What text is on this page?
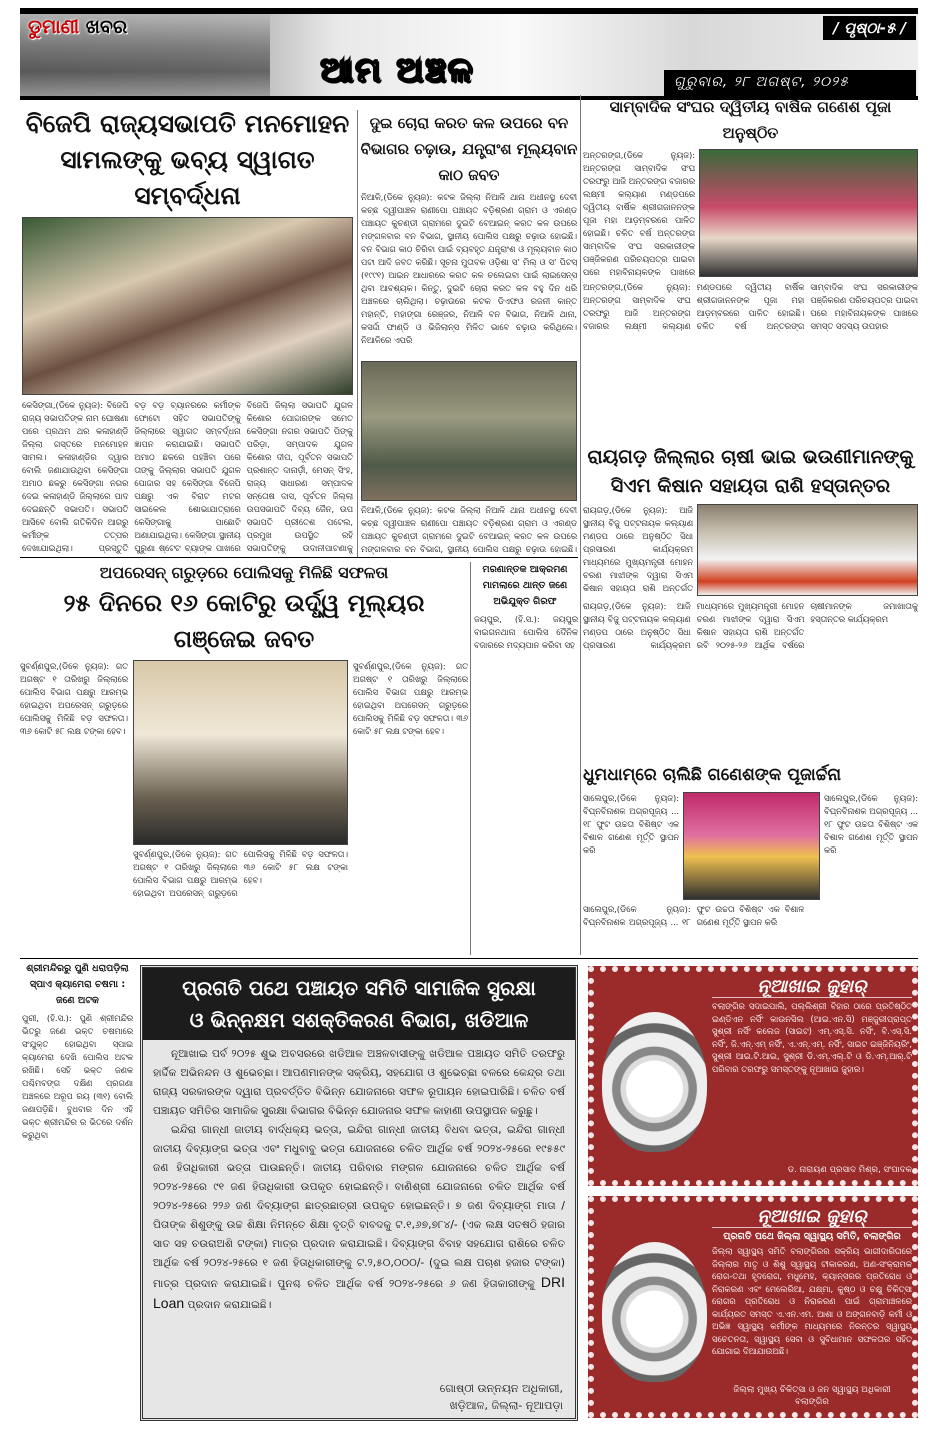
ଡୁମାଣୀ ଖବର
ଆମ ଅଞ୍ଚଳ
/ ପୃଷ୍ଠା-୫ /
ଗୁରୁବାର, ୨୮ ଅଗଷ୍ଟ, ୨୦୨୫
ବିଜେପି ରାଜ୍ୟସଭାପତି ମନମୋହନ ସାମଲଙ୍କୁ ଭବ୍ୟ ସ୍ୱାଗତ ସମ୍ବର୍ଦ୍ଧନା
କେସିଙ୍ଗା,(ଡିକେ ନ୍ୟୁଜ): ବିଜେପି ରାଜ୍ୟ ସଭାପତିଙ୍କ ନାମ ଘୋଷଣା ପରେ ପ୍ରଥମ ଥର କଳାହାଣ୍ଡି ଜିଲ୍ଲା ଗସ୍ତରେ ମନମୋହନ ସାମଲ। କଳାହାଣ୍ଡିର ଦ୍ୱାର ବୋଲି ଜଣାଯାଉଥିବା କେସିଙ୍ଗା ଅମାଠ ଛକରୁ କେସିଙ୍ଗା ନଗର ଦେଇ କଳାହାଣ୍ଡି ଜିଲ୍ଲାରେ ପାଦ ଦେଇଛନ୍ତି ସଭାପତି। ସଭାପତି ଆସିବେ ବୋଲି ଗତିକିଦିନ ଆଗରୁ କର୍ମୀଙ୍କ ତତ୍ପର ଦେଖାଯାଇଥିଲା। ପ୍ରସ୍ତୁତି ବଡ଼ ବଡ଼ ବ୍ୟାନରରେ କର୍ମୀଙ୍କ ଫୋଟୋ ସହିତ ସଭାପତିଙ୍କୁ ଜିଲ୍ଲାରେ ସ୍ୱାଗତ ସମ୍ବର୍ଦ୍ଧନା ଜ୍ଞାପନ କରାଯାଇଛି। ସଭାପତି ଅମାଠ ଛକରେ ପହଞ୍ଚିବା ପରେ ତାଙ୍କୁ ଜିଲ୍ଲାର ସଭାପତି ଯୁଗଳ ପୋଦ୍ଦାର ସହ କେସିଙ୍ଗା ବିଜେପି ପକ୍ଷରୁ ଏକ ବିରାଟ ମଟର ସାଇକେଲ ଶୋଭାଯାତ୍ରାରେ କେସିଙ୍ଗାକୁ ପାଛୋଟି ଅଣାଯାଇଥିଲା। କେସିଙ୍ଗା ସ୍ଥାନୀୟ ପୁରୁଣା ଷ୍ଟେଟ ବ୍ୟାଙ୍କ ପାଖରେ ବିଜେପି ଜିଲ୍ଲା ସଭାପତି ଯୁଗଳ କିଶୋର ପୋଦ୍ଦାରଙ୍କ ସମେତ କେସିଙ୍ଗା ନଗର ସଭାପତି ପିଙ୍କୁ ପରିଡ଼ା, ସମ୍ପାଦକ ଯୁଗଳ କିଶୋର ଦୀପ, ପୂର୍ବତନ ସଭାପତି ପ୍ରଶାନ୍ତ ଦାନାର୍ଡ଼ୀ, ମେସନ୍ ସିଂହ, ରାଜ୍ୟ ସାଧାରଣ ସମ୍ପାଦକ ସନ୍ତୋଷ ଦାସ, ପୂର୍ବତନ ଜିଲ୍ଲା ଉପସଭାପତି ଦିବ୍ୟ ଜୈନ, ଉପ ସଭାପତି ପ୍ରୀତେଶ ପଟେଲ, ପ୍ରମୁଖ ଉପସ୍ଥିତ ରହି ସଭାପତିଙ୍କୁ ଉଦାନୀପାଟଣାକୁ
ଦୁଇ ଚୋରା କରତ କଳ ଉପରେ ବନ ବିଭାଗର ଚଢ଼ାଉ, ଯନ୍ତ୍ରାଂଶ ମୂଲ୍ୟବାନ କାଠ ଜବତ
ନିଆଳି,(ଡିକେ ନ୍ୟୁଜ): କଟକ ଜିଲ୍ଲା ନିଆଳି ଥାନା ଅଧୀନସ୍ଥ ଦେବୀ କଚ୍ଛ ଦ୍ୱୀପାଞ୍ଚଳ ରାଣୀପୋ ପଞ୍ଚାୟତ ବଡ଼ିଶ୍ରଣ ଗ୍ରାମ ଓ ଏରଣ୍ଡ ପଞ୍ଚାୟତ କୁଚଣ୍ଡୀ ଗ୍ରାମରେ ଦୁଇଟି ବେଆଇନ୍ କରତ କଳ ଉପରେ ମଙ୍ଗଳବାର ବନ ବିଭାଗ, ସ୍ଥାନୀୟ ପୋଲିସ ପକ୍ଷରୁ ଚଢ଼ାଉ ହୋଇଛି। ବନ ବିଭାଗ କାଠ ଚିରିବା ପାଇଁ ବ୍ୟବହୃତ ଯନ୍ତ୍ରାଂଶ ଓ ମୂଲ୍ୟବାନ କାଠ ପଟା ଆଦି ଜବତ କରିଛି। ସୂଚନା ମୁତାବକ ଓଡ଼ିଶା ସ’ ମିଲ୍ ଓ ସ’ ପିଟସ୍ (୧୯୯୧) ଆଇନ ଆଧାରରେ କରତ କଳ ଚଲେଇବା ପାଇଁ ଲାଇସେନ୍ସ ଥିବା ଆବଶ୍ୟକ। କିନ୍ତୁ, ଦୁଇଟି ଚୋରା କରତ କଳ ବହୁ ଦିନ ଧରି ଅଞ୍ଚଳରେ ଚାଲିଥିଲା। ଚଢ଼ାଉରେ କଟକ ଡିଏଫଓ ରଜନୀ କାନ୍ତ ମହାନ୍ତି, ମହାଙ୍ଗା ରେଞ୍ଜର, ନିଆଳି ବନ ବିଭାଗ, ନିଆଳି ଥାନା, କସର୍ଦ୍ଦା ଫାଣ୍ଡି ଓ ଭିଜିଲାନ୍ସ ମିଳିତ ଭାବେ ଚଢ଼ାଉ କରିଥିଲେ। ନିଆଳିରେ ଏପରି
ନିଆଳି,(ଡିକେ ନ୍ୟୁଜ): କଟକ ଜିଲ୍ଲା ନିଆଳି ଥାନା ଅଧୀନସ୍ଥ ଦେବୀ କଚ୍ଛ ଦ୍ୱୀପାଞ୍ଚଳ ରାଣୀପୋ ପଞ୍ଚାୟତ ବଡ଼ିଶ୍ରଣ ଗ୍ରାମ ଓ ଏରଣ୍ଡ ପଞ୍ଚାୟତ କୁଚଣ୍ଡୀ ଗ୍ରାମରେ ଦୁଇଟି ବେଆଇନ୍ କରତ କଳ ଉପରେ ମଙ୍ଗଳବାର ବନ ବିଭାଗ, ସ୍ଥାନୀୟ ପୋଲିସ ପକ୍ଷରୁ ଚଢ଼ାଉ ହୋଇଛି।
ସାମ୍ବାଦିକ ସଂଘର ଦ୍ୱିତୀୟ ବାର୍ଷିକ ଗଣେଶ ପୂଜା ଅନୁଷ୍ଠିତ
ଅନ୍ତରଙ୍ଗ,(ଡିକେ ନ୍ୟୁଜ): ଅନ୍ତରଙ୍ଗ ସାମ୍ବାଦିକ ସଂଘ ତରଫରୁ ଆଜି ଅନ୍ତରଙ୍ଗ ବଜାରର ଲକ୍ଷ୍ମୀ କଲ୍ୟାଣ ମଣ୍ଡପରେ ଦ୍ୱିତୀୟ ବାର୍ଷିକ ଶ୍ରୀଗଜାନନଙ୍କ ପୂଜା ମହା ଆଡ଼ମ୍ବରରେ ପାଳିତ ହୋଇଛି। ଚଳିତ ବର୍ଷ ଅନ୍ତରଙ୍ଗ ସାମ୍ବାଦିକ ସଂଘ ସରକାରୀଙ୍କ ପଞ୍ଜିକରଣ ପରିଚୟପତ୍ର ପାଇବା ପରେ ମହାବିନାୟକଙ୍କ ପାଖରେ
ଅନ୍ତରଙ୍ଗ,(ଡିକେ ନ୍ୟୁଜ): ଅନ୍ତରଙ୍ଗ ସାମ୍ବାଦିକ ସଂଘ ତରଫରୁ ଆଜି ଅନ୍ତରଙ୍ଗ ବଜାରର ଲକ୍ଷ୍ମୀ କଲ୍ୟାଣ ମଣ୍ଡପରେ ଦ୍ୱିତୀୟ ବାର୍ଷିକ ଶ୍ରୀଗଜାନନଙ୍କ ପୂଜା ମହା ଆଡ଼ମ୍ବରରେ ପାଳିତ ହୋଇଛି। ଚଳିତ ବର୍ଷ ଅନ୍ତରଙ୍ଗ ସାମ୍ବାଦିକ ସଂଘ ସରକାରୀଙ୍କ ପଞ୍ଜିକରଣ ପରିଚୟପତ୍ର ପାଇବା ପରେ ମହାବିନାୟକଙ୍କ ପାଖରେ ସମସ୍ତ ସଦସ୍ୟ ଉପହାର
ରାୟଗଡ଼ ଜିଲ୍ଲାର ଚାଷୀ ଭାଇ ଭଉଣୀମାନଙ୍କୁ ସିଏମ କିଷାନ ସହାୟତା ରାଶି ହସ୍ତାନ୍ତର
ରାୟଗଡ଼,(ଡିକେ ନ୍ୟୁଜ): ଆଜି ସ୍ଥାନୀୟ ବିଜୁ ପଟ୍ଟନାୟକ କଲ୍ୟାଣ ମଣ୍ଡପ ଠାରେ ଅନୁଷ୍ଠିତ ସିଧା ପ୍ରସାରଣ କାର୍ଯ୍ୟକ୍ରମ ମାଧ୍ୟମରେ ମୁଖ୍ୟମନ୍ତ୍ରୀ ମୋହନ ଚରଣ ମାଝୀଙ୍କ ଦ୍ୱାରା ସିଏମ କିଷାନ ସହାୟତା ରାଶି ଅନ୍ତର୍ଗତ
ରାୟଗଡ଼,(ଡିକେ ନ୍ୟୁଜ): ଆଜି ସ୍ଥାନୀୟ ବିଜୁ ପଟ୍ଟନାୟକ କଲ୍ୟାଣ ମଣ୍ଡପ ଠାରେ ଅନୁଷ୍ଠିତ ସିଧା ପ୍ରସାରଣ କାର୍ଯ୍ୟକ୍ରମ ମାଧ୍ୟମରେ ମୁଖ୍ୟମନ୍ତ୍ରୀ ମୋହନ ଚରଣ ମାଝୀଙ୍କ ଦ୍ୱାରା ସିଏମ କିଷାନ ସହାୟତା ରାଶି ଅନ୍ତର୍ଗତ ରବି ୨୦୨୫-୨୬ ଆର୍ଥିକ ବର୍ଷରେ ଚାଷୀମାନଙ୍କ ଜମାଖାତାକୁ ହସ୍ତାନ୍ତର କାର୍ଯ୍ୟକ୍ରମ
ଧୁମଧାମ୍‌ରେ ଚାଲିଛି ଗଣେଶଙ୍କ ପୂଜାର୍ଚ୍ଚନା
ସାଲେପୁର,(ଡିକେ ନ୍ୟୁଜ): ବିଘ୍ନବିନାଶକ ଅଗ୍ରପୂଜ୍ୟ ... ୧୮ ଫୁଟ ଉଚ୍ଚତା ବିଶିଷ୍ଟ ଏକ ବିଶାଳ ଗଣେଶ ମୂର୍ତ୍ତି ସ୍ଥାପନ କରି
ସାଲେପୁର,(ଡିକେ ନ୍ୟୁଜ): ବିଘ୍ନବିନାଶକ ଅଗ୍ରପୂଜ୍ୟ ... ୧୮ ଫୁଟ ଉଚ୍ଚତା ବିଶିଷ୍ଟ ଏକ ବିଶାଳ ଗଣେଶ ମୂର୍ତ୍ତି ସ୍ଥାପନ କରି
ସାଲେପୁର,(ଡିକେ ନ୍ୟୁଜ): ବିଘ୍ନବିନାଶକ ଅଗ୍ରପୂଜ୍ୟ ... ୧୮ ଫୁଟ ଉଚ୍ଚତା ବିଶିଷ୍ଟ ଏକ ବିଶାଳ ଗଣେଶ ମୂର୍ତ୍ତି ସ୍ଥାପନ କରି
ଅପରେସନ୍ ଗରୁଡ଼ରେ ପୋଲିସକୁ ମିଳିଛି ସଫଳତା
୨୫ ଦିନରେ ୧୬ କୋଟିରୁ ଉର୍ଦ୍ଧ୍ୱ ମୂଲ୍ୟର ଗଞ୍ଜେଇ ଜବତ
ସୁବର୍ଣ୍ଣପୁର,(ଡିକେ ନ୍ୟୁଜ): ଗତ ଅଗଷ୍ଟ ୧ ତାରିଖରୁ ଜିଲ୍ଲାରେ ପୋଲିସ ବିଭାଗ ପକ୍ଷରୁ ଆରମ୍ଭ ହୋଇଥିବା ଅପରେସନ୍ ଗରୁଡ଼ରେ ପୋଲିସକୁ ମିଳିଛି ବଡ଼ ସଫଳତା। ୩୬ କୋଟି ୫୮ ଲକ୍ଷ ଟଙ୍କା ହେବ।
ସୁବର୍ଣ୍ଣପୁର,(ଡିକେ ନ୍ୟୁଜ): ଗତ ଅଗଷ୍ଟ ୧ ତାରିଖରୁ ଜିଲ୍ଲାରେ ପୋଲିସ ବିଭାଗ ପକ୍ଷରୁ ଆରମ୍ଭ ହୋଇଥିବା ଅପରେସନ୍ ଗରୁଡ଼ରେ ପୋଲିସକୁ ମିଳିଛି ବଡ଼ ସଫଳତା। ୩୬ କୋଟି ୫୮ ଲକ୍ଷ ଟଙ୍କା ହେବ।
ସୁବର୍ଣ୍ଣପୁର,(ଡିକେ ନ୍ୟୁଜ): ଗତ ଅଗଷ୍ଟ ୧ ତାରିଖରୁ ଜିଲ୍ଲାରେ ପୋଲିସ ବିଭାଗ ପକ୍ଷରୁ ଆରମ୍ଭ ହୋଇଥିବା ଅପରେସନ୍ ଗରୁଡ଼ରେ ପୋଲିସକୁ ମିଳିଛି ବଡ଼ ସଫଳତା। ୩୬ କୋଟି ୫୮ ଲକ୍ଷ ଟଙ୍କା ହେବ।
ମରଣାନ୍ତକ ଆକ୍ରମଣ ମାମଲାରେ ଥାନ୍ତ ଜଣେ ଅଭିଯୁକ୍ତ ଗିରଫ
ଜୟପୁର, (ହି.ସ.): ଜୟପୁର ବାଇଗନଥାନା ପୋଲିସ ଦୈନିକ ବଜାରରେ ମଦ୍ୟପାନ କରିବା ସହ
ଶ୍ରୀମନ୍ଦିରରୁ ପୁଣି ଧରାପଡ଼ିଲା ସ୍ପାଏ କ୍ୟାମେରା ଚଷମା : ଜଣେ ଅଟକ
ପୁରୀ, (ହି.ସ.): ପୁଣି ଶ୍ରୀମନ୍ଦିର ଭିତରୁ ଜଣେ ଭକ୍ତ ଚଷମାରେ ସଂଯୁକ୍ତ ହୋଇଥିବା ସ୍ପାଇ କ୍ୟାମେରା ଦେଖି ପୋଲିସ ଅଟକ ରଖିଛି। ସେହି ଭକ୍ତ ଜଣକ ପଶ୍ଚିମବଙ୍ଗ ଦକ୍ଷିଣ ପ୍ରଗଣା ଅଞ୍ଚଳରେ ଅରୂପ ରୟ (୩୧) ବୋଲି ଜଣାପଡ଼ିଛି। ବୁଧବାର ଦିନ ଏହି ଭକ୍ତ ଶ୍ରୀମନ୍ଦିର ର ଭିତରେ ଦର୍ଶନ କରୁଥିବା
ପ୍ରଗତି ପଥେ ପଞ୍ଚାୟତ ସମିତି ସାମାଜିକ ସୁରକ୍ଷା
ଓ ଭିନ୍ନକ୍ଷମ ସଶକ୍ତିକରଣ ବିଭାଗ, ଖଡିଆଳ

ନୂଆଖାଇ ପର୍ବ ୨୦୨୫ ଶୁଭ ଅବସରରେ ଖଡିଆଳ ଅଞ୍ଚଳବାସୀଙ୍କୁ ଖଡିଆଳ ପଞ୍ଚାୟତ ସମିତି ତରଫରୁ ହାର୍ଦ୍ଦିକ ଅଭିନନ୍ଦନ ଓ ଶୁଭେଚ୍ଛା। ଆପଣମାନଙ୍କ ସକ୍ରିୟ, ସହଯୋଗ ଓ ଶୁଭେଚ୍ଛା ବଳରେ କେନ୍ଦ୍ର ତଥା ରାଜ୍ୟ ସରକାରଙ୍କ ଦ୍ୱାରା ପ୍ରବର୍ତ୍ତିତ ବିଭିନ୍ନ ଯୋଜନାରେ ସଫଳ ରୂପାୟନ ହୋଇପାରିଛି। ଚଳିତ ବର୍ଷ ପଞ୍ଚାୟତ ସମିତିର ସାମାଜିକ ସୁରକ୍ଷା ବିଭାଗର ବିଭିନ୍ନ ଯୋଜନାର ସଫଳ କାହାଣୀ ଉପସ୍ଥାପନ କରୁଛୁ।

ଇନ୍ଦିରା ଗାନ୍ଧୀ ଜାତୀୟ ବାର୍ଦ୍ଧକ୍ୟ ଭତ୍ତା, ଇନ୍ଦିରା ଗାନ୍ଧୀ ଜାତୀୟ ବିଧବା ଭତ୍ତା, ଇନ୍ଦିରା ଗାନ୍ଧୀ ଜାତୀୟ ଦିବ୍ୟାଙ୍ଗ ଭତ୍ତା ଏବଂ ମଧୁବାବୁ ଭତ୍ତା ଯୋଜନାରେ ଚଳିତ ଆର୍ଥିକ ବର୍ଷ ୨୦୨୪-୨୫ରେ ୧୯୫୫୯ ଜଣ ହିତାଧିକାରୀ ଭତ୍ତା ପାଉଛନ୍ତି। ଜାତୀୟ ପରିବାର ମଙ୍ଗଳ ଯୋଜନାରେ ଚଳିତ ଆର୍ଥିକ ବର୍ଷ ୨୦୨୪-୨୫ରେ ୯୧ ଜଣ ହିତାଧିକାରୀ ଉପକୃତ ହୋଇଛନ୍ତି। ବାଣିଶ୍ରୀ ଯୋଜନାରେ ଚଳିତ ଆର୍ଥିକ ବର୍ଷ ୨୦୨୪-୨୫ରେ ୨୨୬ ଜଣ ଦିବ୍ୟାଙ୍ଗ ଛାତ୍ରଛାତ୍ରୀ ଉପକୃତ ହୋଇଛନ୍ତି। ୭ ଜଣ ଦିବ୍ୟାଙ୍ଗ ମାତା / ପିତାଙ୍କ ଶିଶୁଙ୍କୁ ଉଚ୍ଚ ଶିକ୍ଷା ନିମନ୍ତେ ଶିକ୍ଷା ବୃତ୍ତି ବାବଦକୁ ଟ.୧,୬୭,୭୮୪/- (ଏକ ଲକ୍ଷ ସତଷଠି ହଜାର ସାତ ସହ ଚଉରାଅଶି ଟଙ୍କା) ମାତ୍ର ପ୍ରଦାନ କରାଯାଇଛି। ଦିବ୍ୟାଙ୍ଗ ବିବାହ ସହଯୋଗ ରାଶିରେ ଚଳିତ ଆର୍ଥିକ ବର୍ଷ ୨୦୨୪-୨୫ରେ ୧ ଜଣ ହିତାଧିକାରୀଙ୍କୁ ଟ.୨,୫୦,୦୦୦/- (ଦୁଇ ଲକ୍ଷ ପଚାଶ ହଜାର ଟଙ୍କା) ମାତ୍ର ପ୍ରଦାନ କରାଯାଇଛି। ପୁନଶ୍ଚ ଚଳିତ ଆର୍ଥିକ ବର୍ଷ ୨୦୨୪-୨୫ରେ ୬ ଜଣ ହିତାକାରୀଙ୍କୁ DRI Loan ପ୍ରଦାନ କରାଯାଇଛି।

ଗୋଷ୍ଠୀ ଉନ୍ନୟନ ଅଧିକାରୀ,
ଖଡ଼ିଆଳ, ଜିଲ୍ଲା- ନୂଆପଡ଼ା
ନୂଆଖାଇ ଜୁହାର୍
ବଲାଙ୍ଗିର ସଦାଇପାଲି, ପଲ୍ଲିଶ୍ରୀ ବିହାର ଠାରେ ପ୍ରତିଷ୍ଠିତ ଇଣ୍ଡିଏନ ନର୍ସିଂ କାଉନସିଲ (ଆଇ.ଏନ.ସି) ମଞ୍ଜୁରୀପ୍ରାପ୍ତ ସୁଶ୍ରୀ ନର୍ସିଂ କଲେଜ (ସାଇଟ) ଏମ୍.ଏସ୍.ସି. ନର୍ସିଂ, ବି.ଏସ୍.ସି. ନର୍ସିଂ, ଜି.ଏନ୍.ଏମ୍ ନର୍ସିଂ, ଏ.ଏନ୍.ଏମ୍. ନର୍ସିଂ, ସାଇଟ ଇଞ୍ଜିନିୟରିଂ, ସୁଶ୍ରୀ ଆଇ.ଟି.ଆଇ, ସୁଶ୍ରୀ ଡି.ଏମ୍.ଏଲ୍.ଟି ଓ ଡି.ଏମ୍.ଆର୍.ଟି ପରିବାର ତରଫରୁ ସମସ୍ତଙ୍କୁ ନୂଆଖାଇ ଜୁହାର।
ଡ. ନାରାୟଣ ପ୍ରସାଦ ମିଶ୍ର, ସଂପାଦକ
ନୂଆଖାଇ ଜୁହାର୍
ପ୍ରଗତି ପଥେ ଜିଲ୍ଲା ସ୍ୱାସ୍ଥ୍ୟ ସମିତି, ବଲାଙ୍ଗିର
ଜିଲ୍ଲା ସ୍ୱାସ୍ଥ୍ୟ ସମିତି ବଲାଙ୍ଗିରର ସକ୍ରିୟ ଭାଗୀଦାରିତାରେ ଜିଲ୍ଲାର ମାତୃ ଓ ଶିଶୁ ସ୍ୱାସ୍ଥ୍ୟ ଟୀକାକରଣ, ଅଣ-ସଂକ୍ରାମକ ରୋଗ-ତଥା ହୃଦରୋଗ, ମଧୁମେହ, କ୍ୟାନ୍ସରର ପ୍ରତିରୋଧ ଓ ନିରାକରଣ ଏବଂ ମେଲେରିଆ, ଯକ୍ଷ୍ମା, କୁଷ୍ଠ ଓ ଚକ୍ଷୁ ଚିକିତ୍ସା ରୋଗର ପ୍ରତିରୋଧ ଓ ନିରାକରଣ ପାଇଁ ଗ୍ରାମାଞ୍ଚଳରେ କାର୍ଯ୍ୟରତ ସମସ୍ତ ଏ.ଏନ.ଏମ. ଆଶା ଓ ଅଙ୍ଗନବାଡ଼ି କର୍ମୀ ଓ ଅଭିଜ୍ଞ ସ୍ୱାସ୍ଥ୍ୟ କର୍ମୀଙ୍କ ମାଧ୍ୟମରେ ନିରନ୍ତର ସ୍ୱାସ୍ଥ୍ୟ ସଚେତନତା, ସ୍ୱାସ୍ଥ୍ୟ ସେବା ଓ ସୁବିଧାମାନ ସଫଳତାର ସହିତ ଯୋଗାଇ ଦିଆଯାଉଅଛି।
ଜିଲ୍ଲା ମୁଖ୍ୟ ଚିକିତ୍ସା ଓ ଜନ ସ୍ୱାସ୍ଥ୍ୟ ଅଧିକାରୀ
ବଲାଙ୍ଗିର
